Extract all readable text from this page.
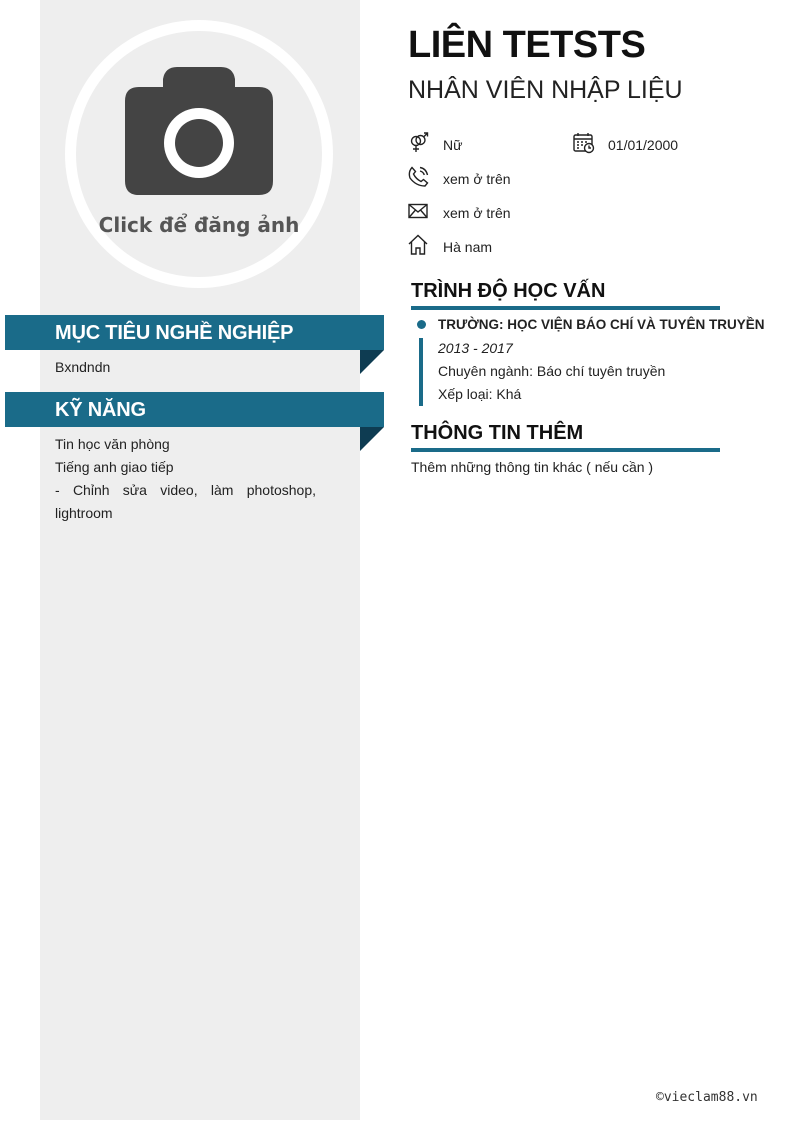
Click để đăng ảnh
MỤC TIÊU NGHỀ NGHIỆP
Bxndndn
KỸ NĂNG
Tin học văn phòng
Tiếng anh giao tiếp
- Chỉnh sửa video, làm photoshop, lightroom
LIÊN TETSTS
NHÂN VIÊN NHẬP LIỆU
Nữ	01/01/2000
xem ở trên
xem ở trên
Hà nam
TRÌNH ĐỘ HỌC VẤN
TRƯỜNG: HỌC VIỆN BÁO CHÍ VÀ TUYÊN TRUYỀN
2013 - 2017
Chuyên ngành: Báo chí tuyên truyền
Xếp loại: Khá
THÔNG TIN THÊM
Thêm những thông tin khác ( nếu cần )
©vieclam88.vn
